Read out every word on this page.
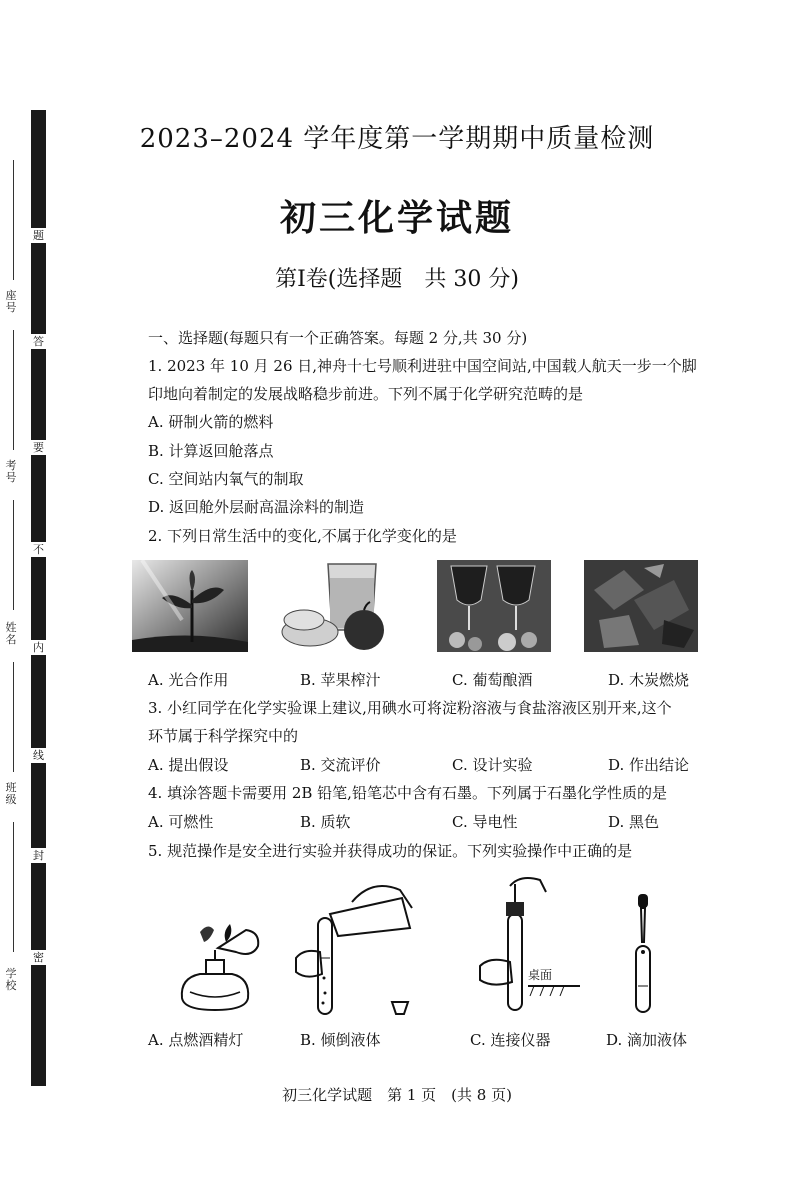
题
答
要
不
内
线
封
密
座号
考号
姓名
班级
学校
2023–2024 学年度第一学期期中质量检测
初三化学试题
第Ⅰ卷(选择题　共 30 分)
一、选择题(每题只有一个正确答案。每题 2 分,共 30 分)
1. 2023 年 10 月 26 日,神舟十七号顺利进驻中国空间站,中国载人航天一步一个脚
印地向着制定的发展战略稳步前进。下列不属于化学研究范畴的是
A. 研制火箭的燃料
B. 计算返回舱落点
C. 空间站内氧气的制取
D. 返回舱外层耐高温涂料的制造
2. 下列日常生活中的变化,不属于化学变化的是
A. 光合作用	B. 苹果榨汁	C. 葡萄酿酒	D. 木炭燃烧
3. 小红同学在化学实验课上建议,用碘水可将淀粉溶液与食盐溶液区别开来,这个
环节属于科学探究中的
A. 提出假设	B. 交流评价	C. 设计实验	D. 作出结论
4. 填涂答题卡需要用 2B 铅笔,铅笔芯中含有石墨。下列属于石墨化学性质的是
A. 可燃性	B. 质软	C. 导电性	D. 黑色
5. 规范操作是安全进行实验并获得成功的保证。下列实验操作中正确的是
桌面
A. 点燃酒精灯	B. 倾倒液体	C. 连接仪器	D. 滴加液体
初三化学试题　第 1 页　(共 8 页)
